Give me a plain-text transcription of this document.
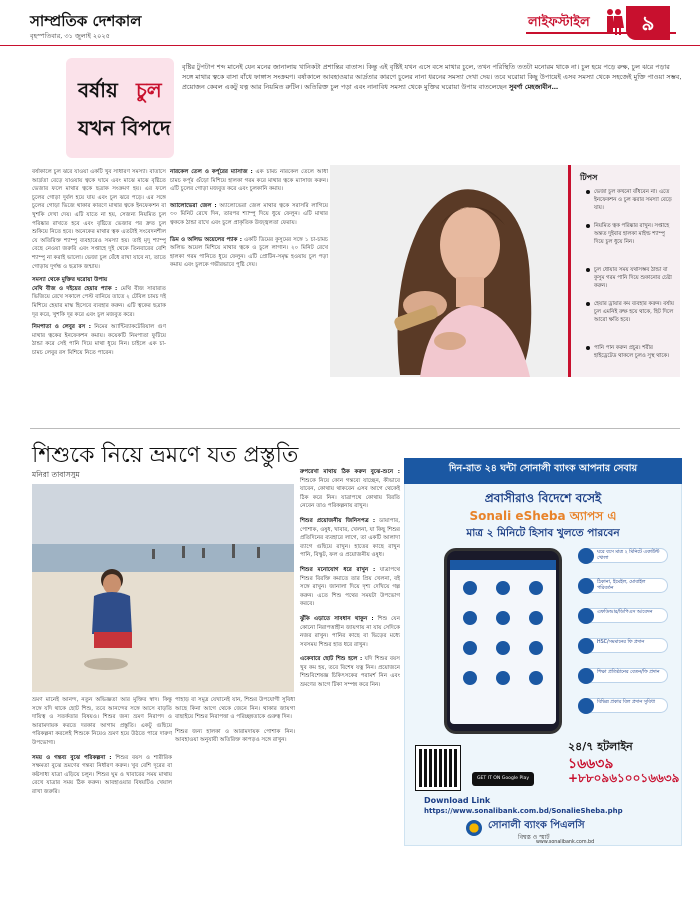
সাম্প্রতিক দেশকাল
বৃহস্পতিবার, ৩১ জুলাই ২০২৫
লাইফস্টাইল	৯
বর্ষায় চুল
যখন বিপদে
বৃষ্টির টুপটাপ শব্দ মানেই যেন মনের জানালায় খানিকটা প্রশান্তির বাতাস। কিন্তু এই বৃষ্টিই যখন এসে বসে মাথার চুলে, তখন পরিস্থিতি ততটা মনোরম থাকে না। চুল হয়ে পড়ে রুক্ষ, চুল ঝরে পড়ার সঙ্গে মাথার ত্বকে বাসা বাঁধে ফাঙ্গাস সংক্রমণ। বর্ষাকালে আবহাওয়ার আর্দ্রতার কারণে চুলের নানা ধরনের সমস্যা দেখা দেয়। তবে ঘরোয়া কিছু উপায়েই এসব সমস্যা থেকে সহজেই মুক্তি পাওয়া সম্ভব, প্রয়োজন কেবল একটু যত্ন আর নিয়মিত রুটিন। অতিরিক্ত চুল পড়া এবং নানাবিধ সমস্যা থেকে মুক্তির ঘরোয়া উপায় বাতলেছেন সুবর্ণা মেহজাবীন…

বর্ষাকালে চুল ঝরে যাওয়া একটি খুব সাধারণ সমস্যা। বাতাসে আর্দ্রতা বেড়ে যাওয়ায় ত্বকে ঘামে এবং মাঝে মাঝে বৃষ্টিতে ভেজার ফলে মাথার ত্বকে ছত্রাক সংক্রমণ হয়। এর ফলে চুলের গোড়া দুর্বল হয়ে যায় এবং চুল ঝরে পড়ে। এর সঙ্গে চুলের গোড়া ভিজে থাকার কারণে মাথার ত্বকে ইনফেকশন বা খুশকি দেখা দেয়। এটি যাতে না হয়, সেজন্য নিয়মিত চুল পরিষ্কার রাখতে হবে এবং বৃষ্টিতে ভেজার পর দ্রুত চুল শুকিয়ে নিতে হবে। অনেকের মাথার ত্বক এতটাই সংবেদনশীল যে অতিরিক্ত শ্যাম্পু ব্যবহারেও সমস্যা হয়। তাই মৃদু শ্যাম্পু বেছে নেওয়া জরুরি এবং সপ্তাহে দুই থেকে তিনবারের বেশি শ্যাম্পু না করাই ভালো। ভেজা চুল বেঁধে রাখা যাবে না, তাতে গোড়ায় দুর্গন্ধ ও ছত্রাক জন্মায়।

সমস্যা থেকে মুক্তির ঘরোয়া উপায়

মেথি বীজ ও দইয়ের হেয়ার প্যাক : মেথি বীজ সারারাত ভিজিয়ে রেখে সকালে পেস্ট বানিয়ে তাতে ২ টেবিল চামচ দই মিশিয়ে হেয়ার মাস্ক হিসেবে ব্যবহার করুন। এটি ত্বকের ছত্রাক দূর করে, খুশকি দূর করে এবং চুল মজবুত করে।

নিমপাতা ও লেবুর রস : নিমের অ্যান্টিব্যাকটেরিয়াল গুণ মাথার ত্বকের ইনফেকশন কমায়। কয়েকটি নিমপাতা ফুটিয়ে ঠান্ডা করে সেই পানি দিয়ে মাথা ধুয়ে নিন। চাইলে এক চা-চামচ লেবুর রস মিশিয়ে নিতে পারেন।

নারকেল তেল ও কর্পূরের ম্যাসাজ : এক চামচ নারকেল তেলে আধা চামচ কর্পূর গুঁড়ো মিশিয়ে হালকা গরম করে মাথার ত্বকে ম্যাসাজ করুন। এটি চুলের গোড়া মজবুত করে এবং চুলকানি কমায়।

অ্যালোভেরা জেল : অ্যালোভেরা জেল মাথার ত্বকে সরাসরি লাগিয়ে ৩০ মিনিট রেখে দিন, তারপর শ্যাম্পু দিয়ে ধুয়ে ফেলুন। এটি মাথার ত্বককে ঠান্ডা রাখে এবং চুলে প্রাকৃতিক উজ্জ্বলতা ফেরায়।

ডিম ও অলিভ অয়েলের প্যাক : একটি ডিমের কুসুমের সঙ্গে ১ চা-চামচ অলিভ অয়েল মিশিয়ে মাথার ত্বকে ও চুলে লাগান। ২০ মিনিট রেখে হালকা গরম পানিতে ধুয়ে ফেলুন। এটি প্রোটিন-সমৃদ্ধ হওয়ায় চুল পড়া কমায় এবং চুলকে গভীরভাবে পুষ্টি দেয়।

টিপস
ভেজা চুল কখনো বাঁধবেন না। এতে ইনফেকশন ও চুল ঝরার সমস্যা বেড়ে যায়।
নিয়মিত ত্বক পরিষ্কার রাখুন। সপ্তাহে অন্তত দুইবার হালকা মাইল্ড শ্যাম্পু দিয়ে চুল ধুয়ে নিন।
চুল ধোয়ার সময় যথাসম্ভব ঠান্ডা বা কুসুম গরম পানি দিয়ে শুকানোর চেষ্টা করুন।
হেয়ার ড্রায়ার কম ব্যবহার করুন। বর্ষায় চুল এমনিই রুক্ষ হয়ে থাকে, হিট দিলে আরো ক্ষতি হবে।
পানি পান করুন প্রচুর। শরীর হাইড্রেটেড থাকলে চুলও সুস্থ থাকে।
শিশুকে নিয়ে ভ্রমণে যত প্রস্তুতি
মনিরা তাবাসসুম

ভ্রমণ মানেই আনন্দ, নতুন অভিজ্ঞতা আর মুক্তির স্বাদ। কিন্তু সঙ্গে যদি থাকে ছোট শিশু, তবে আনন্দের সঙ্গে আসে বাড়তি দায়িত্ব ও সতর্কতার বিষয়ও। শিশুর জন্য ভ্রমণ নিরাপদ ও আরামদায়ক করতে দরকার আগাম প্রস্তুতি। একটু গুছিয়ে পরিকল্পনা করলেই শিশুকে নিয়েও ভ্রমণ হয়ে উঠতে পারে দারুণ উপভোগ্য।

সময় ও গন্তব্য বুঝে পরিকল্পনা : শিশুর বয়স ও শারীরিক সক্ষমতা বুঝে ভ্রমণের গন্তব্য নির্ধারণ করুন। খুব বেশি দূরের বা কষ্টসাধ্য যাত্রা এড়িয়ে চলুন। শিশুর ঘুম ও খাবারের সময় মাথায় রেখে যাত্রার সময় ঠিক করুন। আবহাওয়ার বিষয়টিও খেয়াল রাখা জরুরি।

পাহাড় বা সমুদ্র যেখানেই যান, শিশুর উপযোগী সুবিধা আছে কিনা আগে থেকে জেনে নিন। থাকার জায়গা বাছাইয়ে শিশুর নিরাপত্তা ও পরিচ্ছন্নতাকে গুরুত্ব দিন।

শিশুর জন্য হালকা ও আরামদায়ক পোশাক নিন। আবহাওয়া অনুযায়ী অতিরিক্ত কাপড়ও সঙ্গে রাখুন।

রুপরেখা মাথায় ঠিক করুন বুঝে-শুনে : শিশুকে নিয়ে কোন গন্তব্যে যাচ্ছেন, কীভাবে যাবেন, কোথায় থাকবেন এসব আগে থেকেই ঠিক করে নিন। যাত্রাপথে কোথায় বিরতি নেবেন তাও পরিকল্পনায় রাখুন।

শিশুর প্রয়োজনীয় জিনিসপত্র : ডায়াপার, পোশাক, ওষুধ, খাবার, খেলনা, যা কিছু শিশুর প্রতিদিনের ব্যবহারে লাগে, তা একটি আলাদা ব্যাগে গুছিয়ে রাখুন। হাতের কাছে রাখুন পানি, বিস্কুট, ফল ও প্রয়োজনীয় ওষুধ।

শিশুর মনোযোগ ধরে রাখুন : যাত্রাপথে শিশুর বিরক্তি কমাতে তার প্রিয় খেলনা, বই সঙ্গে রাখুন। জানালা দিয়ে দৃশ্য দেখিয়ে গল্প করুন। এতে শিশু পথের সময়টা উপভোগ করবে।

ঝুঁকি এড়াতে সাবধান থাকুন : শিশু যেন কোনো নিরাপত্তাহীন জায়গায় না যায় সেদিকে নজর রাখুন। পানির কাছে বা ভিড়ের মধ্যে সবসময় শিশুর হাত ধরে রাখুন।

একেবারে ছোট শিশু হলে : যদি শিশুর বয়স খুব কম হয়, তবে বিশেষ যত্ন নিন। প্রয়োজনে শিশুবিশেষজ্ঞ চিকিৎসকের পরামর্শ নিন এবং ভ্রমণের আগে টিকা সম্পন্ন করে নিন।

দিন-রাত ২৪ ঘন্টা সোনালী ব্যাংক আপনার সেবায়
প্রবাসীরাও বিদেশে বসেই
Sonali eSheba অ্যাপস এ
মাত্র ২ মিনিটে হিসাব খুলতে পারবেন
ঘরে বসে মাত্র ২ মিনিটে একাউন্ট খোলা
ঠিকানা, ইমেইল, মোবাইল পরিবর্তন
এফডিআর/ডিপিএস আবেদন
HSC/সমমানের ফি প্রদান
শিক্ষা প্রতিষ্ঠানের বেতন/ফি প্রদান
বিভিন্ন প্রকার বিল প্রদান সুবিধা
২৪/৭ হটলাইন
১৬৬৩৯
+৮৮০৯৬১০০১৬৬৩৯
GET IT ON Google Play
Download Link
https://www.sonalibank.com.bd/SonalieSheba.php
সোনালী ব্যাংক পিএলসি
বিশ্বস্ত ও স্মার্ট
www.sonalibank.com.bd
